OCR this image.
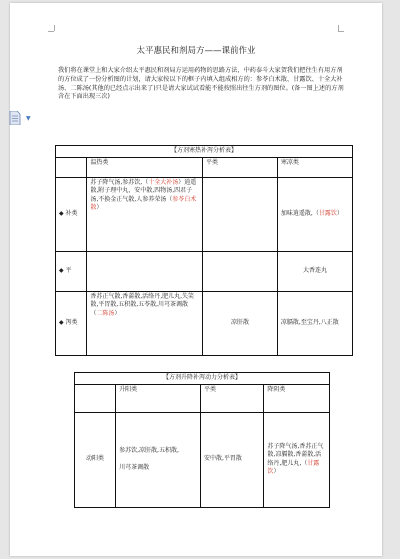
太平惠民和剂局方——课前作业
我们将在课堂上和大家介绍太平惠民和剂局方运用药物的思路方法，中药泰斗大家贺我们把往生有用方剂的方位成了一份分析图的计划，请大家按以下的框子内填入组成相方的：参苓白术散、甘露饮、十全大补汤、二陈汤(其他的已经点示出来了)只是请大家试试看能不能按照出往生方剂的图位。(备一图上述的方剂含在下面出现三次)
【方剂寒热补泻分析表】			
	温热类	平类	寒凉类
◆ 补类	苏子降气汤,参苏饮,（十全大补汤）逍遥散,附子理中丸，安中散,四物汤,四君子汤,不换金正气散,人参养荣汤（参苓白术散）		加味逍遥散,（甘露饮）
◆ 平			大香连丸
◆ 泻类	香苏正气散,香薷散,活络丹,肥儿丸,失笑散,平胃散,五积散,五苓散,川芎茶调散（二陈汤）	凉肝散	凉膈散,至宝丹,八正散
【方剂升降补泻动力分析表】			
	升阳类	平类	降阴类
动阳类	参苏饮,凉肝散,五积散,
川芎茶调散	安中散,平胃散	苏子降气汤,香苏正气散,凉膈散,香薷散,活络丹,肥儿丸,（甘露饮）
▼
